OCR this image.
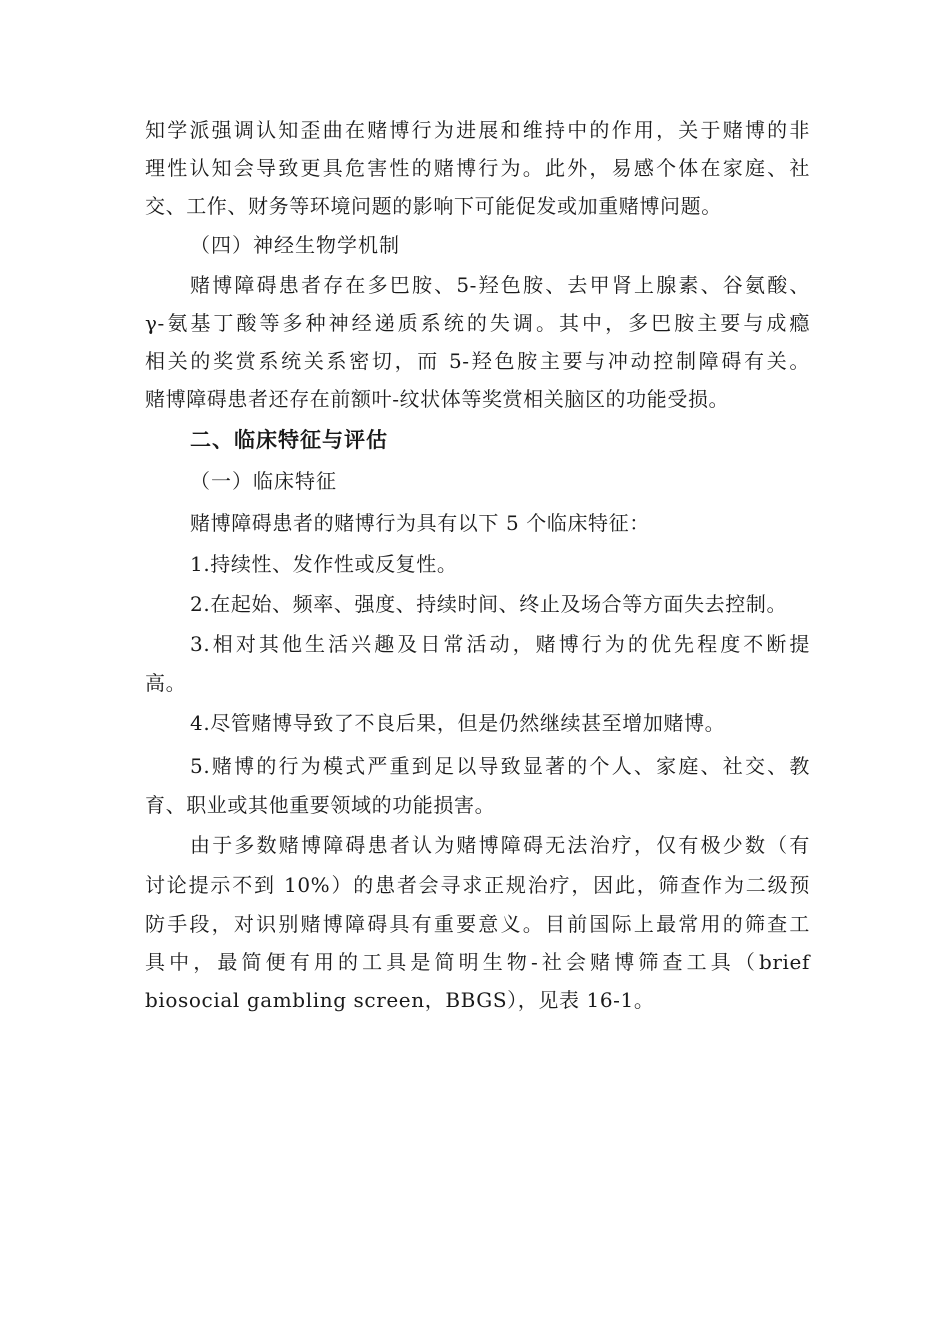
知学派强调认知歪曲在赌博行为进展和维持中的作用，关于赌博的非
理性认知会导致更具危害性的赌博行为。此外，易感个体在家庭、社
交、工作、财务等环境问题的影响下可能促发或加重赌博问题。
（四）神经生物学机制
赌博障碍患者存在多巴胺、5-羟色胺、去甲肾上腺素、谷氨酸、
γ-氨基丁酸等多种神经递质系统的失调。其中，多巴胺主要与成瘾
相关的奖赏系统关系密切，而 5-羟色胺主要与冲动控制障碍有关。
赌博障碍患者还存在前额叶-纹状体等奖赏相关脑区的功能受损。
二、临床特征与评估
（一）临床特征
赌博障碍患者的赌博行为具有以下 5 个临床特征：
1.持续性、发作性或反复性。
2.在起始、频率、强度、持续时间、终止及场合等方面失去控制。
3.相对其他生活兴趣及日常活动，赌博行为的优先程度不断提
高。
4.尽管赌博导致了不良后果，但是仍然继续甚至增加赌博。
5.赌博的行为模式严重到足以导致显著的个人、家庭、社交、教
育、职业或其他重要领域的功能损害。
由于多数赌博障碍患者认为赌博障碍无法治疗，仅有极少数（有
讨论提示不到 10%）的患者会寻求正规治疗，因此，筛查作为二级预
防手段，对识别赌博障碍具有重要意义。目前国际上最常用的筛查工
具中，最简便有用的工具是简明生物-社会赌博筛查工具（brief
biosocial gambling screen，BBGS），见表 16-1。
